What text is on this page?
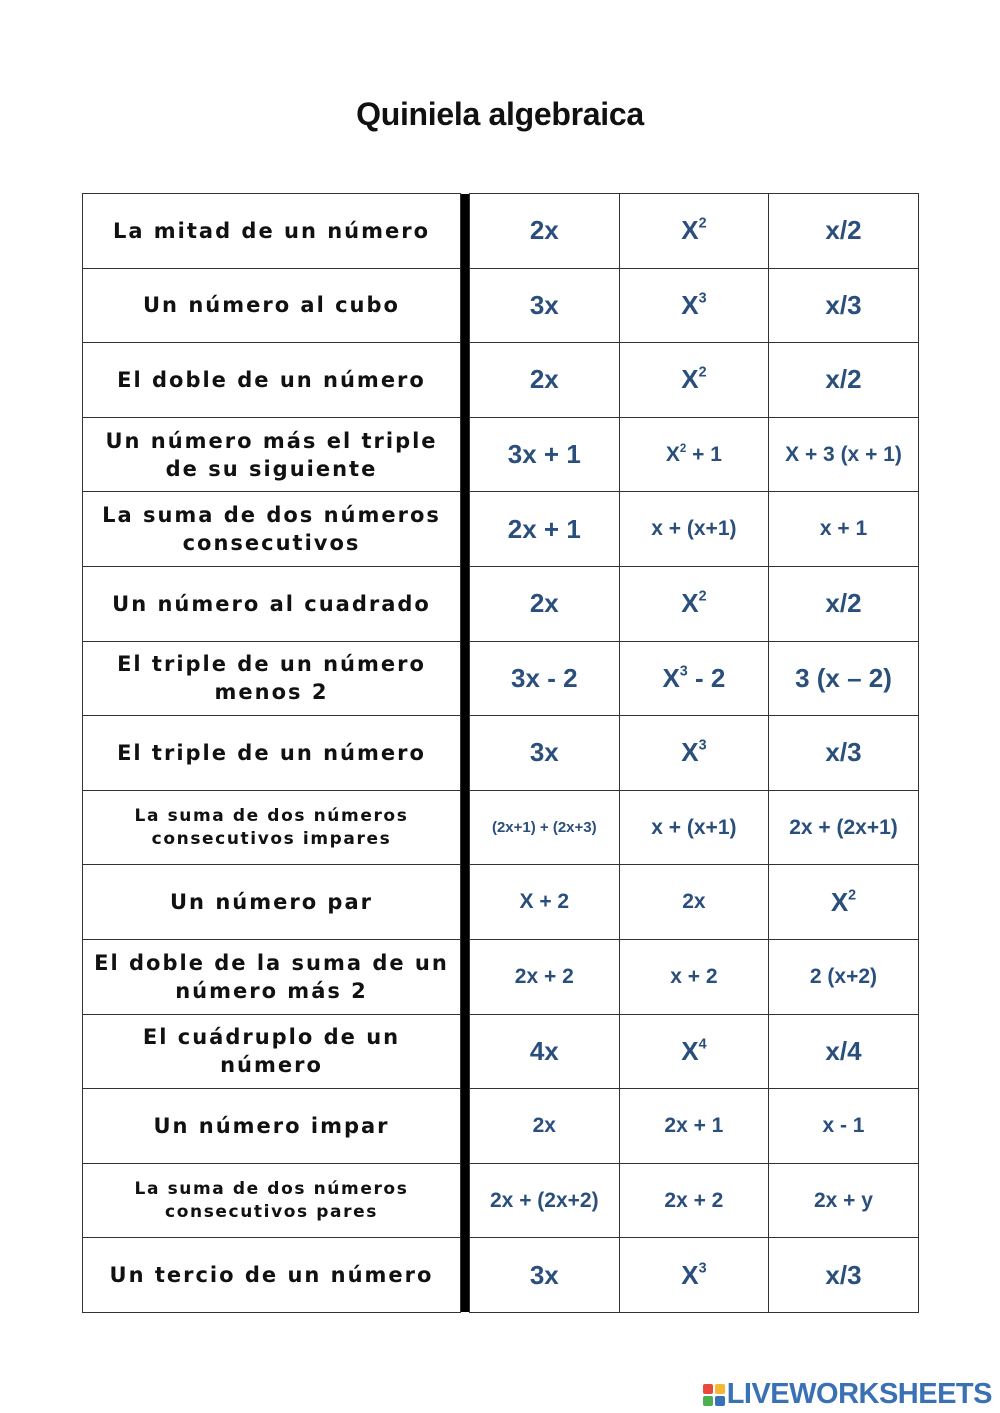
Quiniela algebraica
La mitad de un número		2x	$X^2$	x/2
Un número al cubo		3x	$X^3$	x/3
El doble de un número		2x	$X^2$	x/2
Un número más el triple de su siguiente		3x + 1	$X^2 + 1$	X + 3 (x + 1)
La suma de dos números consecutivos		2x + 1	x + (x+1)	x + 1
Un número al cuadrado		2x	$X^2$	x/2
El triple de un número menos 2		3x - 2	$X^3 - 2$	3 (x – 2)
El triple de un número		3x	$X^3$	x/3
La suma de dos números consecutivos impares		(2x+1) + (2x+3)	x + (x+1)	2x + (2x+1)
Un número par		X + 2	2x	$X^2$
El doble de la suma de un número más 2		2x + 2	x + 2	2 (x+2)
El cuádruplo de un número		4x	$X^4$	x/4
Un número impar		2x	2x + 1	x - 1
La suma de dos números consecutivos pares		2x + (2x+2)	2x + 2	2x + y
Un tercio de un número		3x	$X^3$	x/3
LIVEWORKSHEETS
